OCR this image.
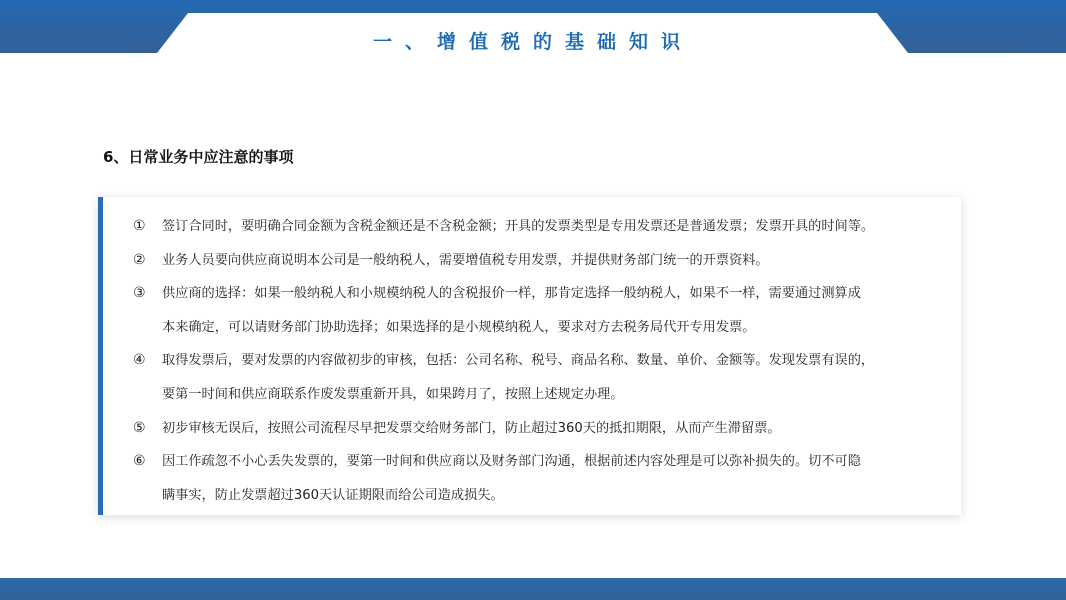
一、增值税的基础知识
6、日常业务中应注意的事项
① 签订合同时，要明确合同金额为含税金额还是不含税金额；开具的发票类型是专用发票还是普通发票；发票开具的时间等。
② 业务人员要向供应商说明本公司是一般纳税人，需要增值税专用发票，并提供财务部门统一的开票资料。
③ 供应商的选择：如果一般纳税人和小规模纳税人的含税报价一样，那肯定选择一般纳税人，如果不一样，需要通过测算成
本来确定，可以请财务部门协助选择；如果选择的是小规模纳税人，要求对方去税务局代开专用发票。
④ 取得发票后，要对发票的内容做初步的审核，包括：公司名称、税号、商品名称、数量、单价、金额等。发现发票有误的，
要第一时间和供应商联系作废发票重新开具，如果跨月了，按照上述规定办理。
⑤ 初步审核无误后，按照公司流程尽早把发票交给财务部门，防止超过360天的抵扣期限，从而产生滞留票。
⑥ 因工作疏忽不小心丢失发票的，要第一时间和供应商以及财务部门沟通，根据前述内容处理是可以弥补损失的。切不可隐
瞒事实，防止发票超过360天认证期限而给公司造成损失。
